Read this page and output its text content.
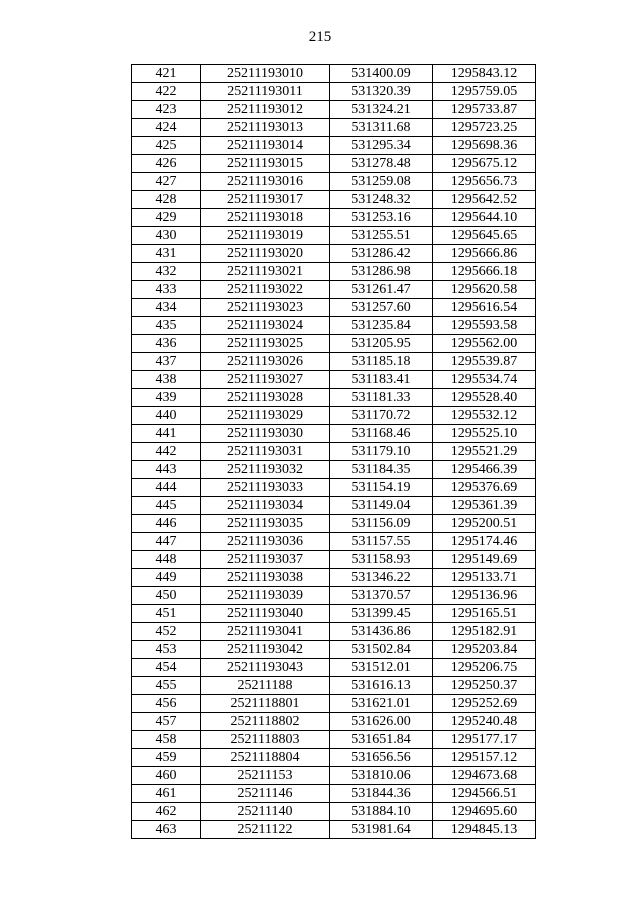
215
421	25211193010	531400.09	1295843.12
422	25211193011	531320.39	1295759.05
423	25211193012	531324.21	1295733.87
424	25211193013	531311.68	1295723.25
425	25211193014	531295.34	1295698.36
426	25211193015	531278.48	1295675.12
427	25211193016	531259.08	1295656.73
428	25211193017	531248.32	1295642.52
429	25211193018	531253.16	1295644.10
430	25211193019	531255.51	1295645.65
431	25211193020	531286.42	1295666.86
432	25211193021	531286.98	1295666.18
433	25211193022	531261.47	1295620.58
434	25211193023	531257.60	1295616.54
435	25211193024	531235.84	1295593.58
436	25211193025	531205.95	1295562.00
437	25211193026	531185.18	1295539.87
438	25211193027	531183.41	1295534.74
439	25211193028	531181.33	1295528.40
440	25211193029	531170.72	1295532.12
441	25211193030	531168.46	1295525.10
442	25211193031	531179.10	1295521.29
443	25211193032	531184.35	1295466.39
444	25211193033	531154.19	1295376.69
445	25211193034	531149.04	1295361.39
446	25211193035	531156.09	1295200.51
447	25211193036	531157.55	1295174.46
448	25211193037	531158.93	1295149.69
449	25211193038	531346.22	1295133.71
450	25211193039	531370.57	1295136.96
451	25211193040	531399.45	1295165.51
452	25211193041	531436.86	1295182.91
453	25211193042	531502.84	1295203.84
454	25211193043	531512.01	1295206.75
455	25211188	531616.13	1295250.37
456	2521118801	531621.01	1295252.69
457	2521118802	531626.00	1295240.48
458	2521118803	531651.84	1295177.17
459	2521118804	531656.56	1295157.12
460	25211153	531810.06	1294673.68
461	25211146	531844.36	1294566.51
462	25211140	531884.10	1294695.60
463	25211122	531981.64	1294845.13
